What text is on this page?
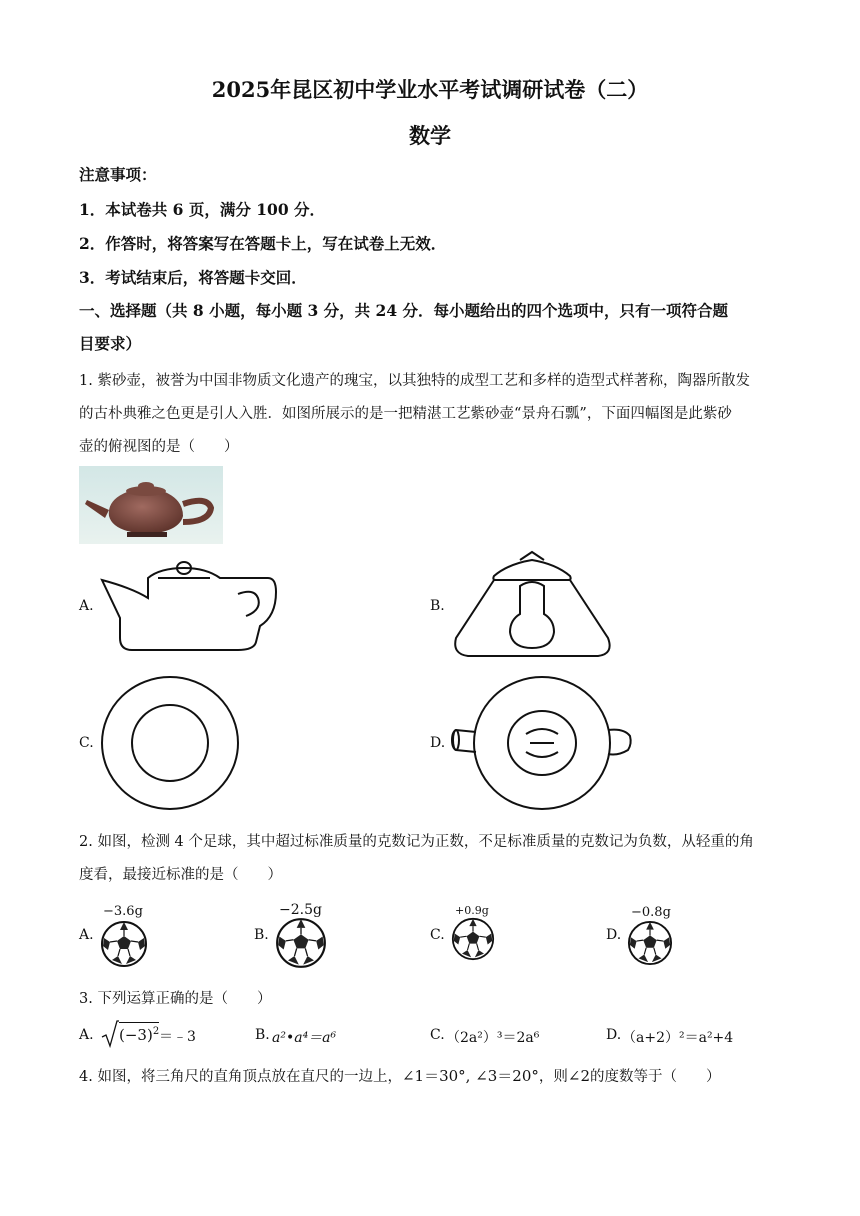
2025年昆区初中学业水平考试调研试卷（二）
数学
注意事项：
1．本试卷共 6 页，满分 100 分．
2．作答时，将答案写在答题卡上，写在试卷上无效．
3．考试结束后，将答题卡交回．
一、选择题（共 8 小题，每小题 3 分，共 24 分．每小题给出的四个选项中，只有一项符合题
目要求）
1. 紫砂壶，被誉为中国非物质文化遗产的瑰宝，以其独特的成型工艺和多样的造型式样著称，陶器所散发
的古朴典雅之色更是引人入胜．如图所展示的是一把精湛工艺紫砂壶“景舟石瓢”，下面四幅图是此紫砂
壶的俯视图的是（　　）
A.	B.
C.	D.
2. 如图，检测 4 个足球，其中超过标准质量的克数记为正数，不足标准质量的克数记为负数，从轻重的角
度看，最接近标准的是（　　）
A.
−3.6g
B.
−2.5g
C.
+0.9g
D.
−0.8g
3. 下列运算正确的是（　　）
A. $(-3)^2$ ＝﹣3	B. a²•a⁴＝a⁶	C. （2a²）³＝2a⁶	D. （a+2）²＝a²+4
4. 如图，将三角尺的直角顶点放在直尺的一边上，∠1＝30°, ∠3＝20°，则∠2的度数等于（　　）
